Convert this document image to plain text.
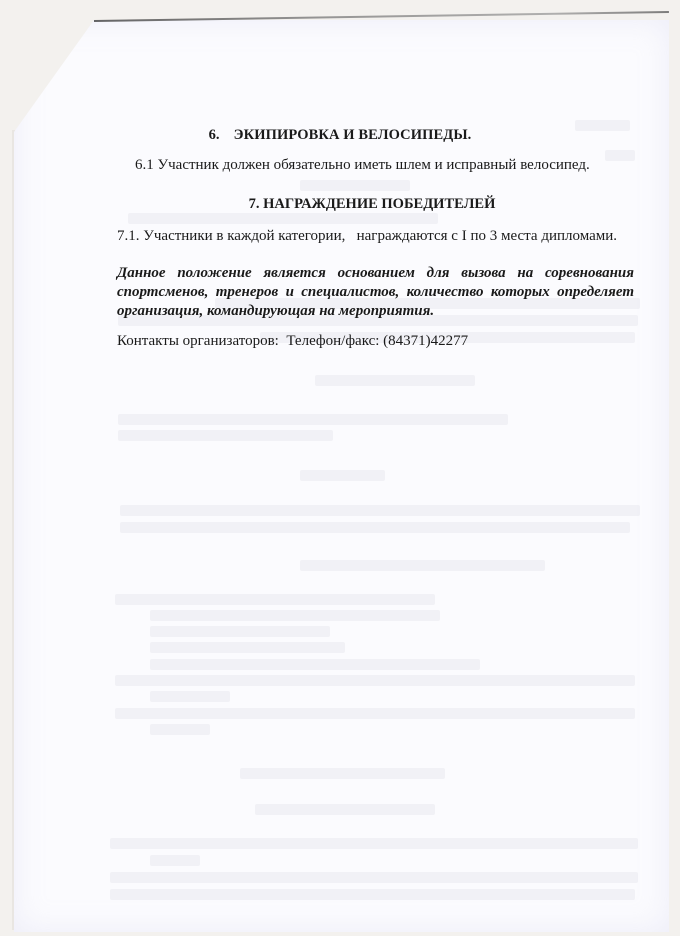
6. ЭКИПИРОВКА И ВЕЛОСИПЕДЫ.
6.1 Участник должен обязательно иметь шлем и исправный велосипед.
7. НАГРАЖДЕНИЕ ПОБЕДИТЕЛЕЙ
7.1. Участники в каждой категории,   награждаются с I по 3 места дипломами.
Данное положение является основанием для вызова на соревнования спортсменов, тренеров и специалистов, количество которых определяет организация, командирующая на мероприятия.
Контакты организаторов: Телефон/факс: (84371)42277
